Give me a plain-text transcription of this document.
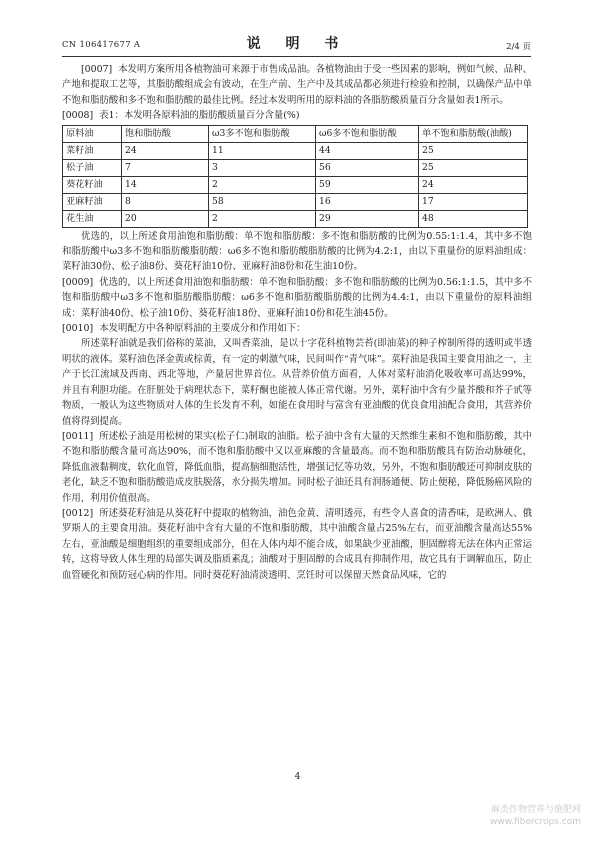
CN 106417677 A	说 明 书	2/4 页

[0007] 本发明方案所用各植物油可来源于市售成品油。各植物油由于受一些因素的影响，例如气候、品种、产地和提取工艺等，其脂肪酸组成会有波动，在生产前、生产中及其成品都必须进行检验和控制，以确保产品中单不饱和脂肪酸和多不饱和脂肪酸的最佳比例。经过本发明所用的原料油的各脂肪酸质量百分含量如表1所示。

[0008] 表1：本发明各原料油的脂肪酸质量百分含量(%)

原料油	饱和脂肪酸	ω3多不饱和脂肪酸	ω6多不饱和脂肪酸	单不饱和脂肪酸(油酸)
菜籽油	24	11	44	25
松子油	7	3	56	25
葵花籽油	14	2	59	24
亚麻籽油	8	58	16	17
花生油	20	2	29	48

优选的，以上所述食用油饱和脂肪酸：单不饱和脂肪酸：多不饱和脂肪酸的比例为0.55:1:1.4，其中多不饱和脂肪酸中ω3多不饱和脂肪酸脂肪酸：ω6多不饱和脂肪酸脂肪酸的比例为4.2:1，由以下重量份的原料油组成：菜籽油30份、松子油8份、葵花籽油10份、亚麻籽油8份和花生油10份。

[0009] 优选的，以上所述食用油饱和脂肪酸：单不饱和脂肪酸：多不饱和脂肪酸的比例为0.56:1:1.5，其中多不饱和脂肪酸中ω3多不饱和脂肪酸脂肪酸：ω6多不饱和脂肪酸脂肪酸的比例为4.4:1，由以下重量份的原料油组成：菜籽油40份、松子油10份、葵花籽油18份、亚麻籽油10份和花生油45份。

[0010] 本发明配方中各种原料油的主要成分和作用如下：

所述菜籽油就是我们俗称的菜油，又叫香菜油，是以十字花科植物芸苔(即油菜)的种子榨制所得的透明或半透明状的液体。菜籽油色泽金黄或棕黄，有一定的刺激气味，民间叫作“青气味”。菜籽油是我国主要食用油之一，主产于长江流域及西南、西北等地，产量居世界首位。从营养价值方面看，人体对菜籽油消化吸收率可高达99%，并且有利胆功能。在肝脏处于病理状态下，菜籽酮也能被人体正常代谢。另外，菜籽油中含有少量芥酸和芥子甙等物质，一般认为这些物质对人体的生长发育不利，如能在食用时与富含有亚油酸的优良食用油配合食用，其营养价值将得到提高。

[0011] 所述松子油是用松树的果实(松子仁)制取的油脂。松子油中含有大量的天然维生素和不饱和脂肪酸，其中不饱和脂肪酸含量可高达90%，而不饱和脂肪酸中又以亚麻酸的含量最高。而不饱和脂肪酸具有防治动脉硬化，降低血液黏稠度，软化血管，降低血脂，提高脑细胞活性，增强记忆等功效，另外，不饱和脂肪酸还可抑制皮肤的老化，缺乏不饱和脂肪酸造成皮肤脱落，水分损失增加。同时松子油还具有润肠通便、防止便秘，降低肠癌风险的作用，利用价值很高。

[0012] 所述葵花籽油是从葵花籽中提取的植物油，油色金黄、清明透亮，有些令人喜食的清香味，是欧洲人、俄罗斯人的主要食用油。葵花籽油中含有大量的不饱和脂肪酸，其中油酸含量占25%左右，而亚油酸含量高达55%左右，亚油酸是细胞组织的重要组成部分，但在人体内却不能合成，如果缺少亚油酸，胆固醇将无法在体内正常运转，这将导致人体生理的局部失调及脂质素乱；油酸对于胆固醇的合成具有抑制作用，故它具有于调解血压，防止血管硬化和预防冠心病的作用。同时葵花籽油清淡透明、烹饪时可以保留天然食品风味，它的

4
麻类作物营养与施肥网
www.fibercrops.com
